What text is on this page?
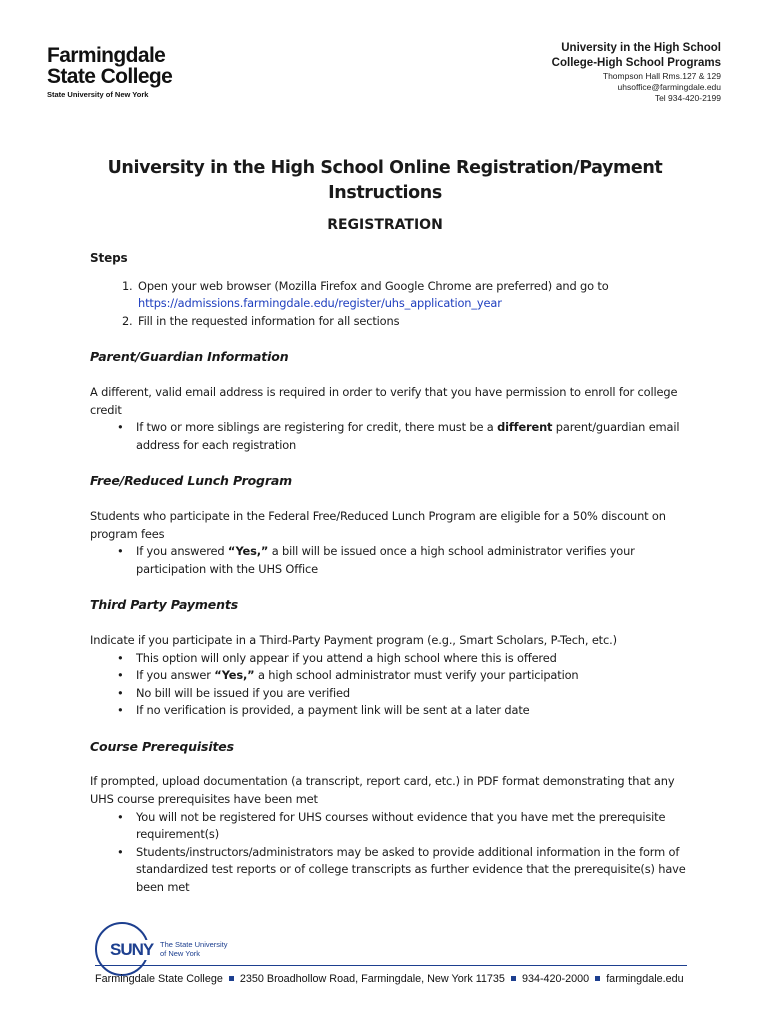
Farmingdale
State College
State University of New York
University in the High School
College-High School Programs
Thompson Hall Rms.127 & 129
uhsoffice@farmingdale.edu
Tel 934-420-2199
University in the High School Online Registration/Payment Instructions
REGISTRATION
Steps
1. Open your web browser (Mozilla Firefox and Google Chrome are preferred) and go to
https://admissions.farmingdale.edu/register/uhs_application_year
2. Fill in the requested information for all sections
Parent/Guardian Information

A different, valid email address is required in order to verify that you have permission to enroll for college credit

• If two or more siblings are registering for credit, there must be a different parent/guardian email address for each registration
Free/Reduced Lunch Program

Students who participate in the Federal Free/Reduced Lunch Program are eligible for a 50% discount on program fees

• If you answered “Yes,” a bill will be issued once a high school administrator verifies your participation with the UHS Office
Third Party Payments

Indicate if you participate in a Third-Party Payment program (e.g., Smart Scholars, P-Tech, etc.)

• This option will only appear if you attend a high school where this is offered
• If you answer “Yes,” a high school administrator must verify your participation
• No bill will be issued if you are verified
• If no verification is provided, a payment link will be sent at a later date
Course Prerequisites

If prompted, upload documentation (a transcript, report card, etc.) in PDF format demonstrating that any UHS course prerequisites have been met

• You will not be registered for UHS courses without evidence that you have met the prerequisite requirement(s)
• Students/instructors/administrators may be asked to provide additional information in the form of standardized test reports or of college transcripts as further evidence that the prerequisite(s) have been met
SUNY The State University
of New York
Farmingdale State College 2350 Broadhollow Road, Farmingdale, New York 11735 934-420-2000 farmingdale.edu
